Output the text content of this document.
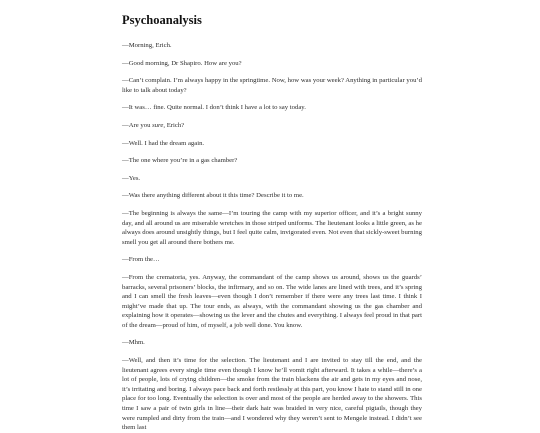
Psychoanalysis

—Morning, Erich.

—Good morning, Dr Shapiro. How are you?

—Can’t complain. I’m always happy in the springtime. Now, how was your week? Anything in particular you’d like to talk about today?

—It was… fine. Quite normal. I don’t think I have a lot to say today.

—Are you sure, Erich?

—Well. I had the dream again.

—The one where you’re in a gas chamber?

—Yes.

—Was there anything different about it this time? Describe it to me.

—The beginning is always the same—I’m touring the camp with my superior officer, and it’s a bright sunny day, and all around us are miserable wretches in those striped uniforms. The lieutenant looks a little green, as he always does around unsightly things, but I feel quite calm, invigorated even. Not even that sickly-sweet burning smell you get all around there bothers me.

—From the…

—From the crematoria, yes. Anyway, the commandant of the camp shows us around, shows us the guards’ barracks, several prisoners’ blocks, the infirmary, and so on. The wide lanes are lined with trees, and it’s spring and I can smell the fresh leaves—even though I don’t remember if there were any trees last time. I think I might’ve made that up. The tour ends, as always, with the commandant showing us the gas chamber and explaining how it operates—showing us the lever and the chutes and everything. I always feel proud in that part of the dream—proud of him, of myself, a job well done. You know.

—Mhm.

—Well, and then it’s time for the selection. The lieutenant and I are invited to stay till the end, and the lieutenant agrees every single time even though I know he’ll vomit right afterward. It takes a while—there’s a lot of people, lots of crying children—the smoke from the train blackens the air and gets in my eyes and nose, it’s irritating and boring. I always pace back and forth restlessly at this part, you know I hate to stand still in one place for too long. Eventually the selection is over and most of the people are herded away to the showers. This time I saw a pair of twin girls in line—their dark hair was braided in very nice, careful pigtails, though they were rumpled and dirty from the train—and I wondered why they weren’t sent to Mengele instead. I didn’t see them last
